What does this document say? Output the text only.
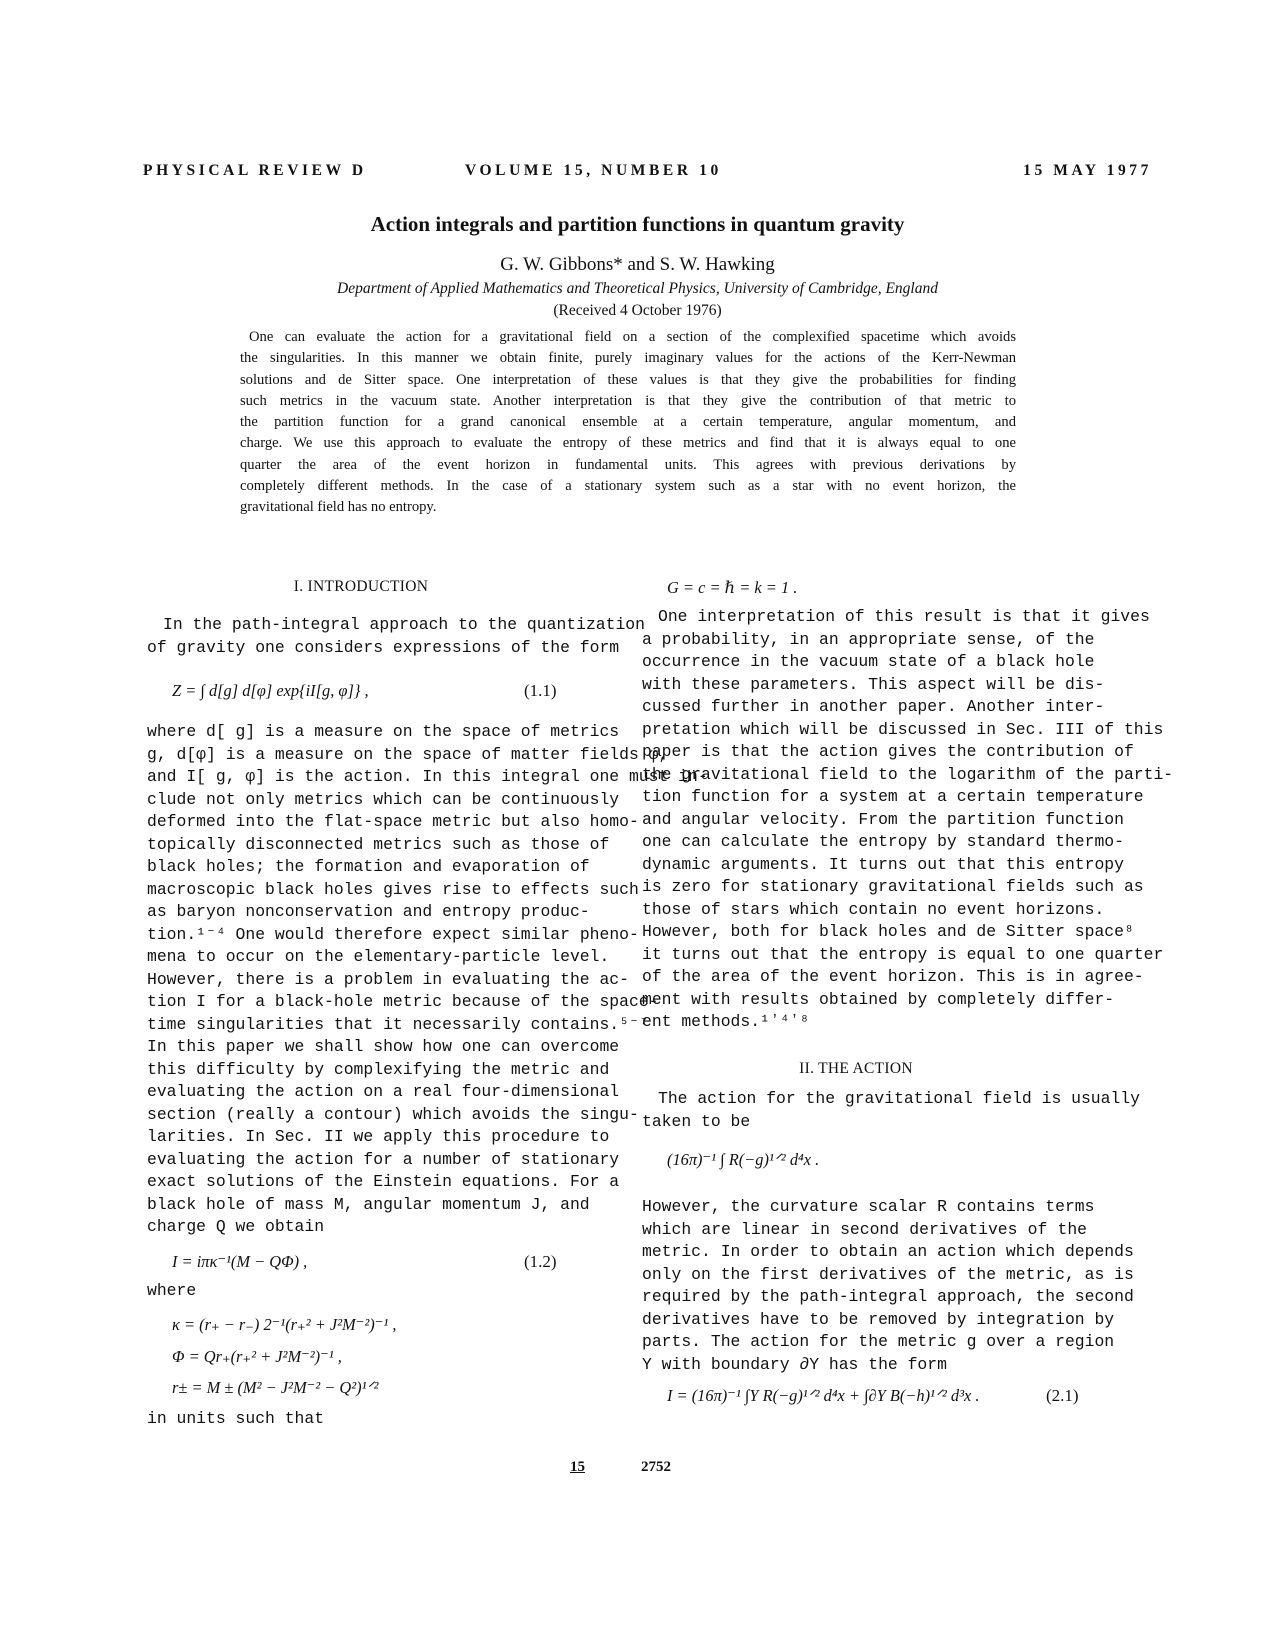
PHYSICAL REVIEW D	VOLUME 15, NUMBER 10	15 MAY 1977
Action integrals and partition functions in quantum gravity
G. W. Gibbons* and S. W. Hawking
Department of Applied Mathematics and Theoretical Physics, University of Cambridge, England
(Received 4 October 1976)
One can evaluate the action for a gravitational field on a section of the complexified spacetime which avoids
the singularities. In this manner we obtain finite, purely imaginary values for the actions of the Kerr-Newman
solutions and de Sitter space. One interpretation of these values is that they give the probabilities for finding
such metrics in the vacuum state. Another interpretation is that they give the contribution of that metric to
the partition function for a grand canonical ensemble at a certain temperature, angular momentum, and
charge. We use this approach to evaluate the entropy of these metrics and find that it is always equal to one
quarter the area of the event horizon in fundamental units. This agrees with previous derivations by
completely different methods. In the case of a stationary system such as a star with no event horizon, the
gravitational field has no entropy.
I. INTRODUCTION
In the path-integral approach to the quantization
of gravity one considers expressions of the form
Z = ∫ d[g] d[φ] exp{iI[g, φ]} ,	(1.1)
where d[ g] is a measure on the space of metrics
g, d[φ] is a measure on the space of matter fields φ,
and I[ g, φ] is the action. In this integral one must in-
clude not only metrics which can be continuously
deformed into the flat-space metric but also homo-
topically disconnected metrics such as those of
black holes; the formation and evaporation of
macroscopic black holes gives rise to effects such
as baryon nonconservation and entropy produc-
tion.¹⁻⁴ One would therefore expect similar pheno-
mena to occur on the elementary-particle level.
However, there is a problem in evaluating the ac-
tion I for a black-hole metric because of the space-
time singularities that it necessarily contains.⁵⁻⁷
In this paper we shall show how one can overcome
this difficulty by complexifying the metric and
evaluating the action on a real four-dimensional
section (really a contour) which avoids the singu-
larities. In Sec. II we apply this procedure to
evaluating the action for a number of stationary
exact solutions of the Einstein equations. For a
black hole of mass M, angular momentum J, and
charge Q we obtain
I = iπκ⁻¹(M − QΦ) ,	(1.2)
where
κ = (r₊ − r₋) 2⁻¹(r₊² + J²M⁻²)⁻¹ ,
Φ = Qr₊(r₊² + J²M⁻²)⁻¹ ,
r± = M ± (M² − J²M⁻² − Q²)¹ᐟ²
in units such that
G = c = ℏ = k = 1 .
One interpretation of this result is that it gives
a probability, in an appropriate sense, of the
occurrence in the vacuum state of a black hole
with these parameters. This aspect will be dis-
cussed further in another paper. Another inter-
pretation which will be discussed in Sec. III of this
paper is that the action gives the contribution of
the gravitational field to the logarithm of the parti-
tion function for a system at a certain temperature
and angular velocity. From the partition function
one can calculate the entropy by standard thermo-
dynamic arguments. It turns out that this entropy
is zero for stationary gravitational fields such as
those of stars which contain no event horizons.
However, both for black holes and de Sitter space⁸
it turns out that the entropy is equal to one quarter
of the area of the event horizon. This is in agree-
ment with results obtained by completely differ-
ent methods.¹ʼ⁴ʼ⁸
II. THE ACTION
The action for the gravitational field is usually
taken to be
(16π)⁻¹ ∫ R(−g)¹ᐟ² d⁴x .
However, the curvature scalar R contains terms
which are linear in second derivatives of the
metric. In order to obtain an action which depends
only on the first derivatives of the metric, as is
required by the path-integral approach, the second
derivatives have to be removed by integration by
parts. The action for the metric g over a region
Y with boundary ∂Y has the form
I = (16π)⁻¹ ∫Y R(−g)¹ᐟ² d⁴x + ∫∂Y B(−h)¹ᐟ² d³x .	(2.1)
15	2752
